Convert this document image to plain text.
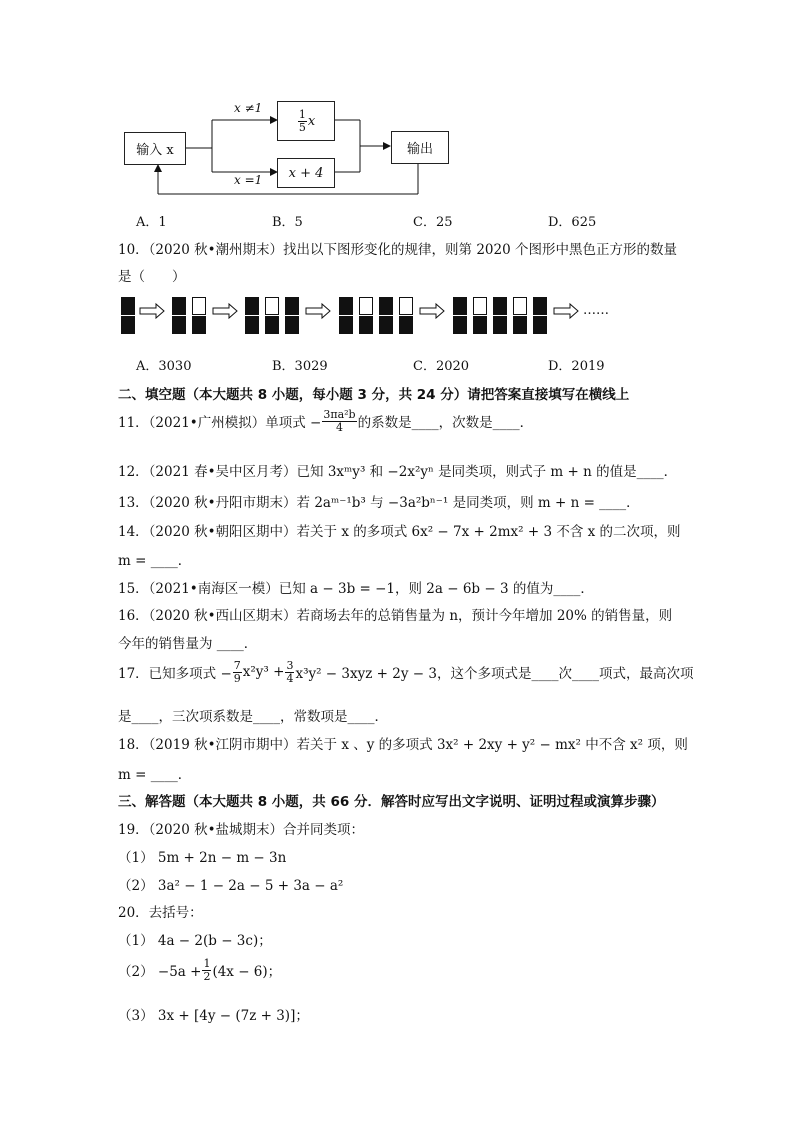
输入 x
$\frac{1}{5}$ x
x + 4
输出
x ≠1
x =1
A．1	B．5	C．25	D．625
10．（2020 秋•潮州期末）找出以下图形变化的规律，则第 2020 个图形中黑色正方形的数量
是（　　）
……
A．3030	B．3029	C．2020	D．2019
二、填空题（本大题共 8 小题，每小题 3 分，共 24 分）请把答案直接填写在横线上
11．（2021•广州模拟）单项式 − $\frac{\text{3πa²b}}{4}$ 的系数是____，次数是____．
12．（2021 春•吴中区月考）已知 3xᵐy³ 和 −2x²yⁿ 是同类项，则式子 m + n 的值是____．
13．（2020 秋•丹阳市期末）若 2aᵐ⁻¹b³ 与 −3a²bⁿ⁻¹ 是同类项，则 m + n = ____．
14．（2020 秋•朝阳区期中）若关于 x 的多项式 6x² − 7x + 2mx² + 3 不含 x 的二次项，则
m = ____．
15．（2021•南海区一模）已知 a − 3b = −1，则 2a − 6b − 3 的值为____．
16．（2020 秋•西山区期末）若商场去年的总销售量为 n，预计今年增加 20% 的销售量，则
今年的销售量为 ____．
17．已知多项式 − $\frac{7}{9} x^2y^3 + \frac{3}{4} x^3y^2 - 3xyz + 2y - 3$，这个多项式是____次____项式，最高次项
是____，三次项系数是____，常数项是____．
18．（2019 秋•江阴市期中）若关于 x 、y 的多项式 3x² + 2xy + y² − mx² 中不含 x² 项，则
m = ____．
三、解答题（本大题共 8 小题，共 66 分．解答时应写出文字说明、证明过程或演算步骤）
19．（2020 秋•盐城期末）合并同类项：
（1） 5m + 2n − m − 3n
（2） 3a² − 1 − 2a − 5 + 3a − a²
20．去括号：
（1） 4a − 2(b − 3c)；
$(2) -5a + \frac{1}{2} (4x - 6)$；
（3） 3x + [4y − (7z + 3)]；
